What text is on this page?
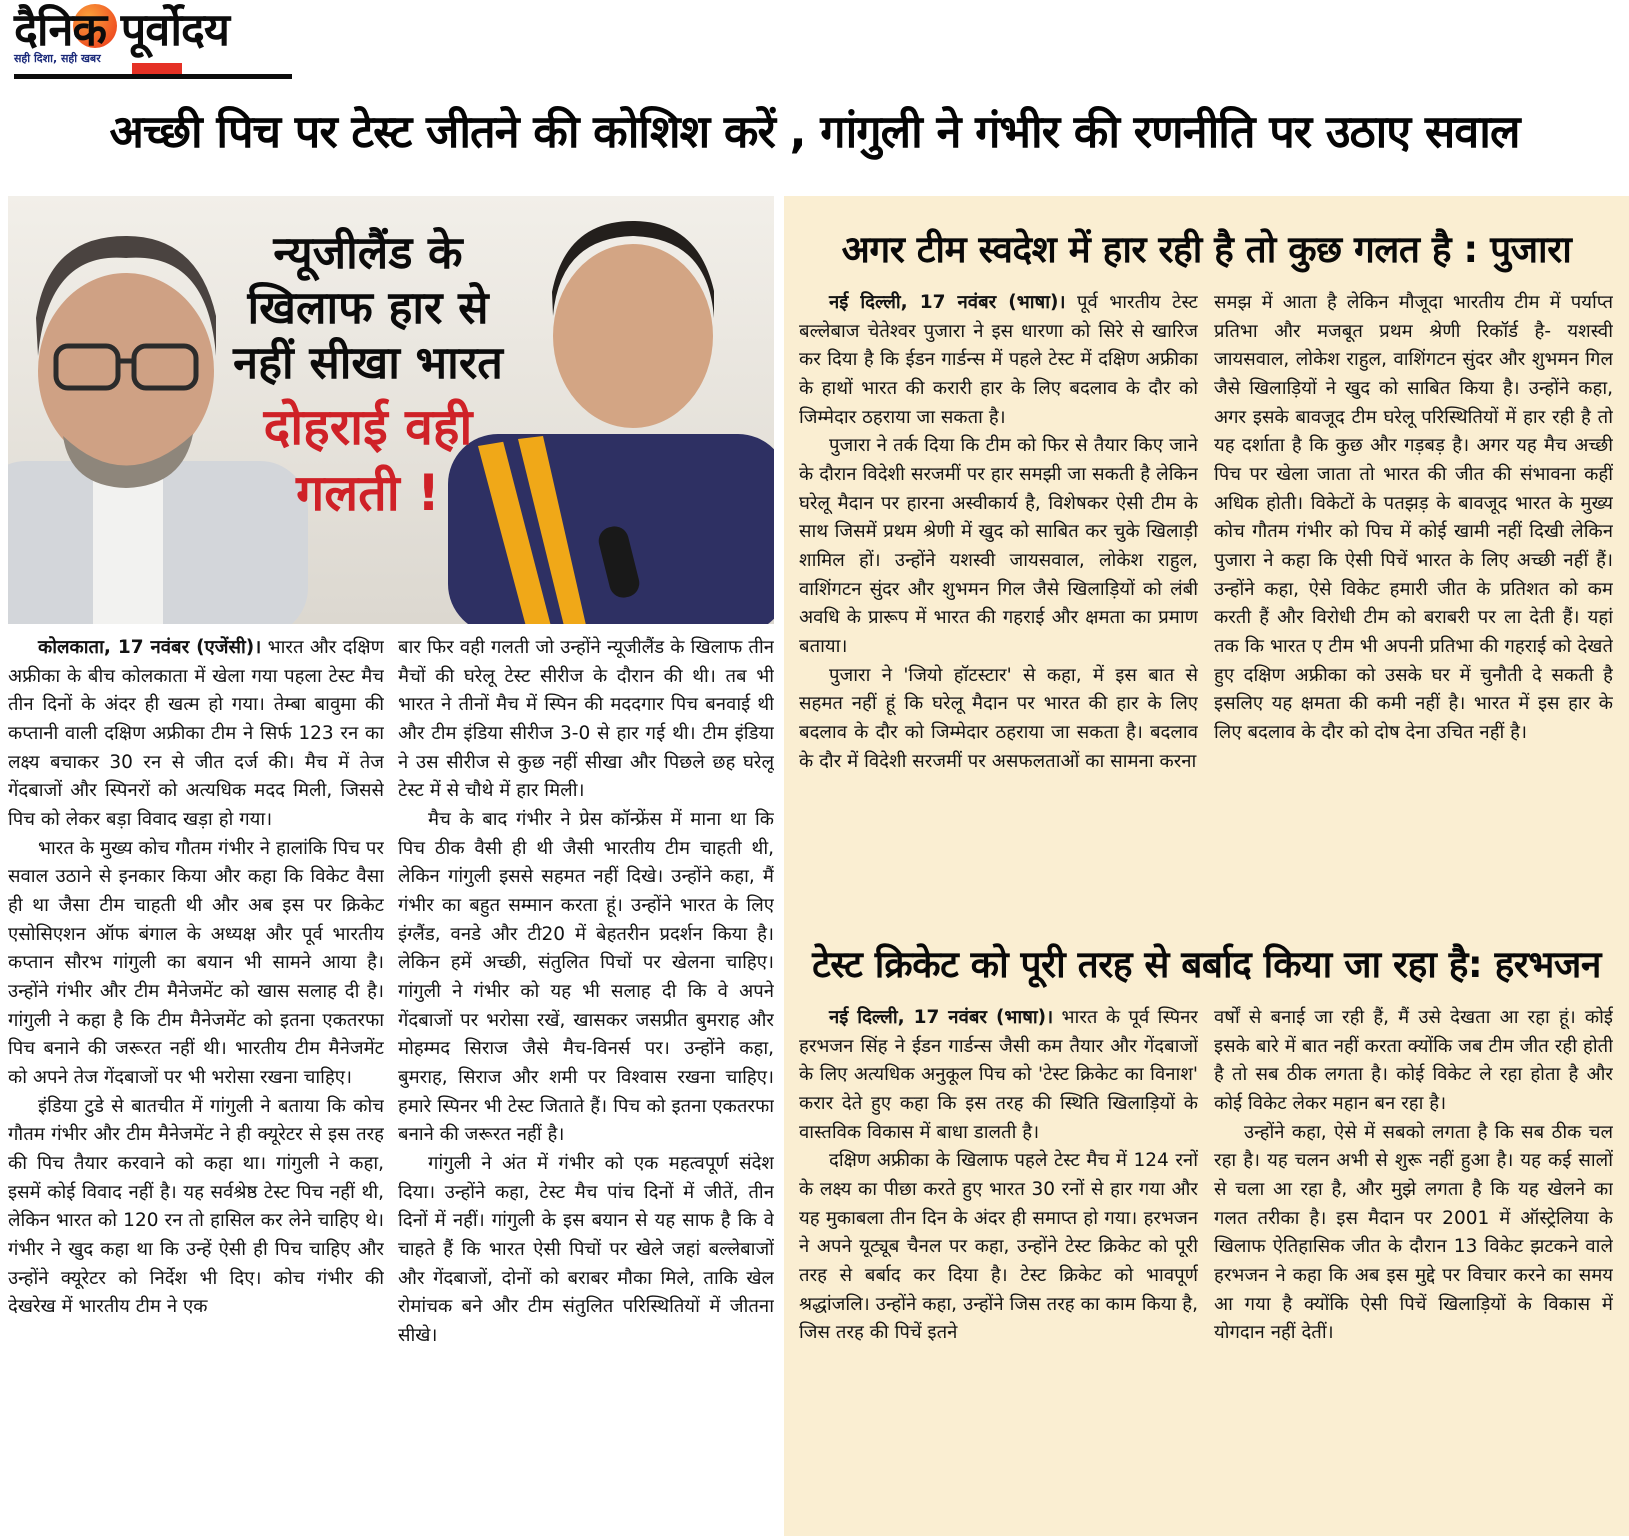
दैनिक पूर्वोदय
सही दिशा, सही खबर
अच्छी पिच पर टेस्ट जीतने की कोशिश करें , गांगुली ने गंभीर की रणनीति पर उठाए सवाल
न्यूजीलैंड के
खिलाफ हार से
नहीं सीखा भारत
दोहराई वही
गलती !

कोलकाता, 17 नवंबर (एजेंसी)। भारत और दक्षिण अफ्रीका के बीच कोलकाता में खेला गया पहला टेस्ट मैच तीन दिनों के अंदर ही खत्म हो गया। तेम्बा बावुमा की कप्तानी वाली दक्षिण अफ्रीका टीम ने सिर्फ 123 रन का लक्ष्य बचाकर 30 रन से जीत दर्ज की। मैच में तेज गेंदबाजों और स्पिनरों को अत्यधिक मदद मिली, जिससे पिच को लेकर बड़ा विवाद खड़ा हो गया।

भारत के मुख्य कोच गौतम गंभीर ने हालांकि पिच पर सवाल उठाने से इनकार किया और कहा कि विकेट वैसा ही था जैसा टीम चाहती थी और अब इस पर क्रिकेट एसोसिएशन ऑफ बंगाल के अध्यक्ष और पूर्व भारतीय कप्तान सौरभ गांगुली का बयान भी सामने आया है। उन्होंने गंभीर और टीम मैनेजमेंट को खास सलाह दी है। गांगुली ने कहा है कि टीम मैनेजमेंट को इतना एकतरफा पिच बनाने की जरूरत नहीं थी। भारतीय टीम मैनेजमेंट को अपने तेज गेंदबाजों पर भी भरोसा रखना चाहिए।

इंडिया टुडे से बातचीत में गांगुली ने बताया कि कोच गौतम गंभीर और टीम मैनेजमेंट ने ही क्यूरेटर से इस तरह की पिच तैयार करवाने को कहा था। गांगुली ने कहा, इसमें कोई विवाद नहीं है। यह सर्वश्रेष्ठ टेस्ट पिच नहीं थी, लेकिन भारत को 120 रन तो हासिल कर लेने चाहिए थे। गंभीर ने खुद कहा था कि उन्हें ऐसी ही पिच चाहिए और उन्होंने क्यूरेटर को निर्देश भी दिए। कोच गंभीर की देखरेख में भारतीय टीम ने एक

बार फिर वही गलती जो उन्होंने न्यूजीलैंड के खिलाफ तीन मैचों की घरेलू टेस्ट सीरीज के दौरान की थी। तब भी भारत ने तीनों मैच में स्पिन की मददगार पिच बनवाई थी और टीम इंडिया सीरीज 3-0 से हार गई थी। टीम इंडिया ने उस सीरीज से कुछ नहीं सीखा और पिछले छह घरेलू टेस्ट में से चौथे में हार मिली।

मैच के बाद गंभीर ने प्रेस कॉन्फ्रेंस में माना था कि पिच ठीक वैसी ही थी जैसी भारतीय टीम चाहती थी, लेकिन गांगुली इससे सहमत नहीं दिखे। उन्होंने कहा, मैं गंभीर का बहुत सम्मान करता हूं। उन्होंने भारत के लिए इंग्लैंड, वनडे और टी20 में बेहतरीन प्रदर्शन किया है। लेकिन हमें अच्छी, संतुलित पिचों पर खेलना चाहिए। गांगुली ने गंभीर को यह भी सलाह दी कि वे अपने गेंदबाजों पर भरोसा रखें, खासकर जसप्रीत बुमराह और मोहम्मद सिराज जैसे मैच-विनर्स पर। उन्होंने कहा, बुमराह, सिराज और शमी पर विश्वास रखना चाहिए। हमारे स्पिनर भी टेस्ट जिताते हैं। पिच को इतना एकतरफा बनाने की जरूरत नहीं है।

गांगुली ने अंत में गंभीर को एक महत्वपूर्ण संदेश दिया। उन्होंने कहा, टेस्ट मैच पांच दिनों में जीतें, तीन दिनों में नहीं। गांगुली के इस बयान से यह साफ है कि वे चाहते हैं कि भारत ऐसी पिचों पर खेले जहां बल्लेबाजों और गेंदबाजों, दोनों को बराबर मौका मिले, ताकि खेल रोमांचक बने और टीम संतुलित परिस्थितियों में जीतना सीखे।

अगर टीम स्वदेश में हार रही है तो कुछ गलत है : पुजारा

नई दिल्ली, 17 नवंबर (भाषा)। पूर्व भारतीय टेस्ट बल्लेबाज चेतेश्वर पुजारा ने इस धारणा को सिरे से खारिज कर दिया है कि ईडन गार्डन्स में पहले टेस्ट में दक्षिण अफ्रीका के हाथों भारत की करारी हार के लिए बदलाव के दौर को जिम्मेदार ठहराया जा सकता है।

पुजारा ने तर्क दिया कि टीम को फिर से तैयार किए जाने के दौरान विदेशी सरजमीं पर हार समझी जा सकती है लेकिन घरेलू मैदान पर हारना अस्वीकार्य है, विशेषकर ऐसी टीम के साथ जिसमें प्रथम श्रेणी में खुद को साबित कर चुके खिलाड़ी शामिल हों। उन्होंने यशस्वी जायसवाल, लोकेश राहुल, वाशिंगटन सुंदर और शुभमन गिल जैसे खिलाड़ियों को लंबी अवधि के प्रारूप में भारत की गहराई और क्षमता का प्रमाण बताया।

पुजारा ने 'जियो हॉटस्टार' से कहा, में इस बात से सहमत नहीं हूं कि घरेलू मैदान पर भारत की हार के लिए बदलाव के दौर को जिम्मेदार ठहराया जा सकता है। बदलाव के दौर में विदेशी सरजमीं पर असफलताओं का सामना करना

समझ में आता है लेकिन मौजूदा भारतीय टीम में पर्याप्त प्रतिभा और मजबूत प्रथम श्रेणी रिकॉर्ड है- यशस्वी जायसवाल, लोकेश राहुल, वाशिंगटन सुंदर और शुभमन गिल जैसे खिलाड़ियों ने खुद को साबित किया है। उन्होंने कहा, अगर इसके बावजूद टीम घरेलू परिस्थितियों में हार रही है तो यह दर्शाता है कि कुछ और गड़बड़ है। अगर यह मैच अच्छी पिच पर खेला जाता तो भारत की जीत की संभावना कहीं अधिक होती। विकेटों के पतझड़ के बावजूद भारत के मुख्य कोच गौतम गंभीर को पिच में कोई खामी नहीं दिखी लेकिन पुजारा ने कहा कि ऐसी पिचें भारत के लिए अच्छी नहीं हैं। उन्होंने कहा, ऐसे विकेट हमारी जीत के प्रतिशत को कम करती हैं और विरोधी टीम को बराबरी पर ला देती हैं। यहां तक कि भारत ए टीम भी अपनी प्रतिभा की गहराई को देखते हुए दक्षिण अफ्रीका को उसके घर में चुनौती दे सकती है इसलिए यह क्षमता की कमी नहीं है। भारत में इस हार के लिए बदलाव के दौर को दोष देना उचित नहीं है।

टेस्ट क्रिकेट को पूरी तरह से बर्बाद किया जा रहा है: हरभजन

नई दिल्ली, 17 नवंबर (भाषा)। भारत के पूर्व स्पिनर हरभजन सिंह ने ईडन गार्डन्स जैसी कम तैयार और गेंदबाजों के लिए अत्यधिक अनुकूल पिच को 'टेस्ट क्रिकेट का विनाश' करार देते हुए कहा कि इस तरह की स्थिति खिलाड़ियों के वास्तविक विकास में बाधा डालती है।

दक्षिण अफ्रीका के खिलाफ पहले टेस्ट मैच में 124 रनों के लक्ष्य का पीछा करते हुए भारत 30 रनों से हार गया और यह मुकाबला तीन दिन के अंदर ही समाप्त हो गया। हरभजन ने अपने यूट्यूब चैनल पर कहा, उन्होंने टेस्ट क्रिकेट को पूरी तरह से बर्बाद कर दिया है। टेस्ट क्रिकेट को भावपूर्ण श्रद्धांजलि। उन्होंने कहा, उन्होंने जिस तरह का काम किया है, जिस तरह की पिचें इतने

वर्षों से बनाई जा रही हैं, मैं उसे देखता आ रहा हूं। कोई इसके बारे में बात नहीं करता क्योंकि जब टीम जीत रही होती है तो सब ठीक लगता है। कोई विकेट ले रहा होता है और कोई विकेट लेकर महान बन रहा है।

उन्होंने कहा, ऐसे में सबको लगता है कि सब ठीक चल रहा है। यह चलन अभी से शुरू नहीं हुआ है। यह कई सालों से चला आ रहा है, और मुझे लगता है कि यह खेलने का गलत तरीका है। इस मैदान पर 2001 में ऑस्ट्रेलिया के खिलाफ ऐतिहासिक जीत के दौरान 13 विकेट झटकने वाले हरभजन ने कहा कि अब इस मुद्दे पर विचार करने का समय आ गया है क्योंकि ऐसी पिचें खिलाड़ियों के विकास में योगदान नहीं देतीं।
